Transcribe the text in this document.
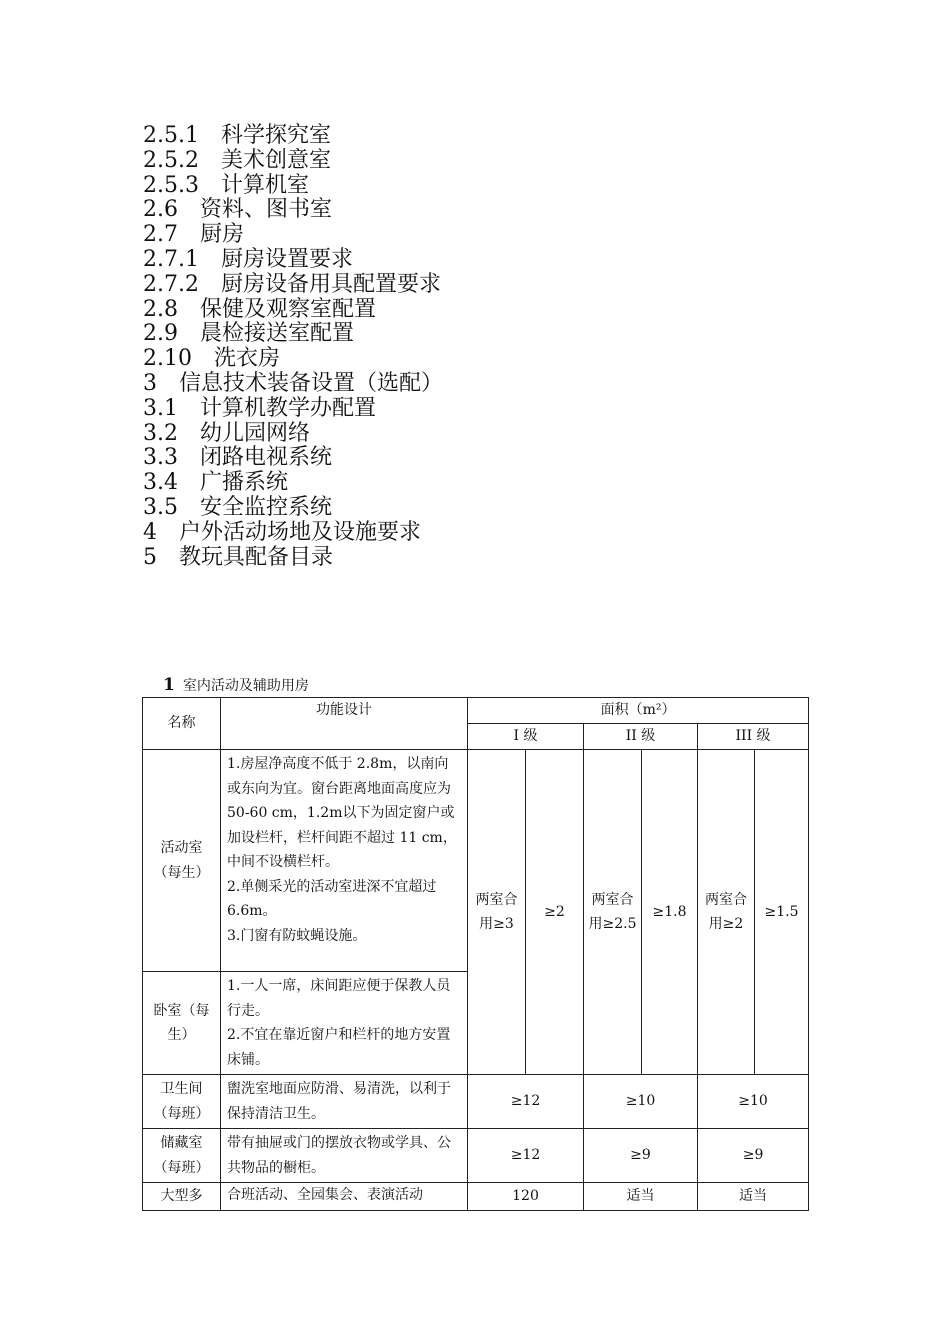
2.5.1  科学探究室
2.5.2  美术创意室
2.5.3  计算机室
2.6  资料、图书室
2.7  厨房
2.7.1  厨房设置要求
2.7.2  厨房设备用具配置要求
2.8  保健及观察室配置
2.9  晨检接送室配置
2.10  洗衣房
3  信息技术装备设置（选配）
3.1  计算机教学办配置
3.2  幼儿园网络
3.3  闭路电视系统
3.4  广播系统
3.5  安全监控系统
4  户外活动场地及设施要求
5  教玩具配备目录
1 室内活动及辅助用房
名称	功能设计	面积（m²）					
		I 级		II 级		III 级	
活动室（每生）	1.房屋净高度不低于 2.8m，以南向或东向为宜。窗台距离地面高度应为 50-60 cm，1.2m以下为固定窗户或加设栏杆，栏杆间距不超过 11 cm，中间不设横栏杆。
2.单侧采光的活动室进深不宜超过 6.6m。
3.门窗有防蚊蝇设施。	两室合用≥3	≥2	两室合用≥2.5	≥1.8	两室合用≥2	≥1.5
卧室（每生）	1.一人一席，床间距应便于保教人员行走。
2.不宜在靠近窗户和栏杆的地方安置床铺。						
卫生间（每班）	盥洗室地面应防滑、易清洗，以利于保持清洁卫生。	≥12		≥10		≥10	
储藏室（每班）	带有抽屉或门的摆放衣物或学具、公共物品的橱柜。	≥12		≥9		≥9	
大型多	合班活动、全园集会、表演活动	120		适当		适当	
